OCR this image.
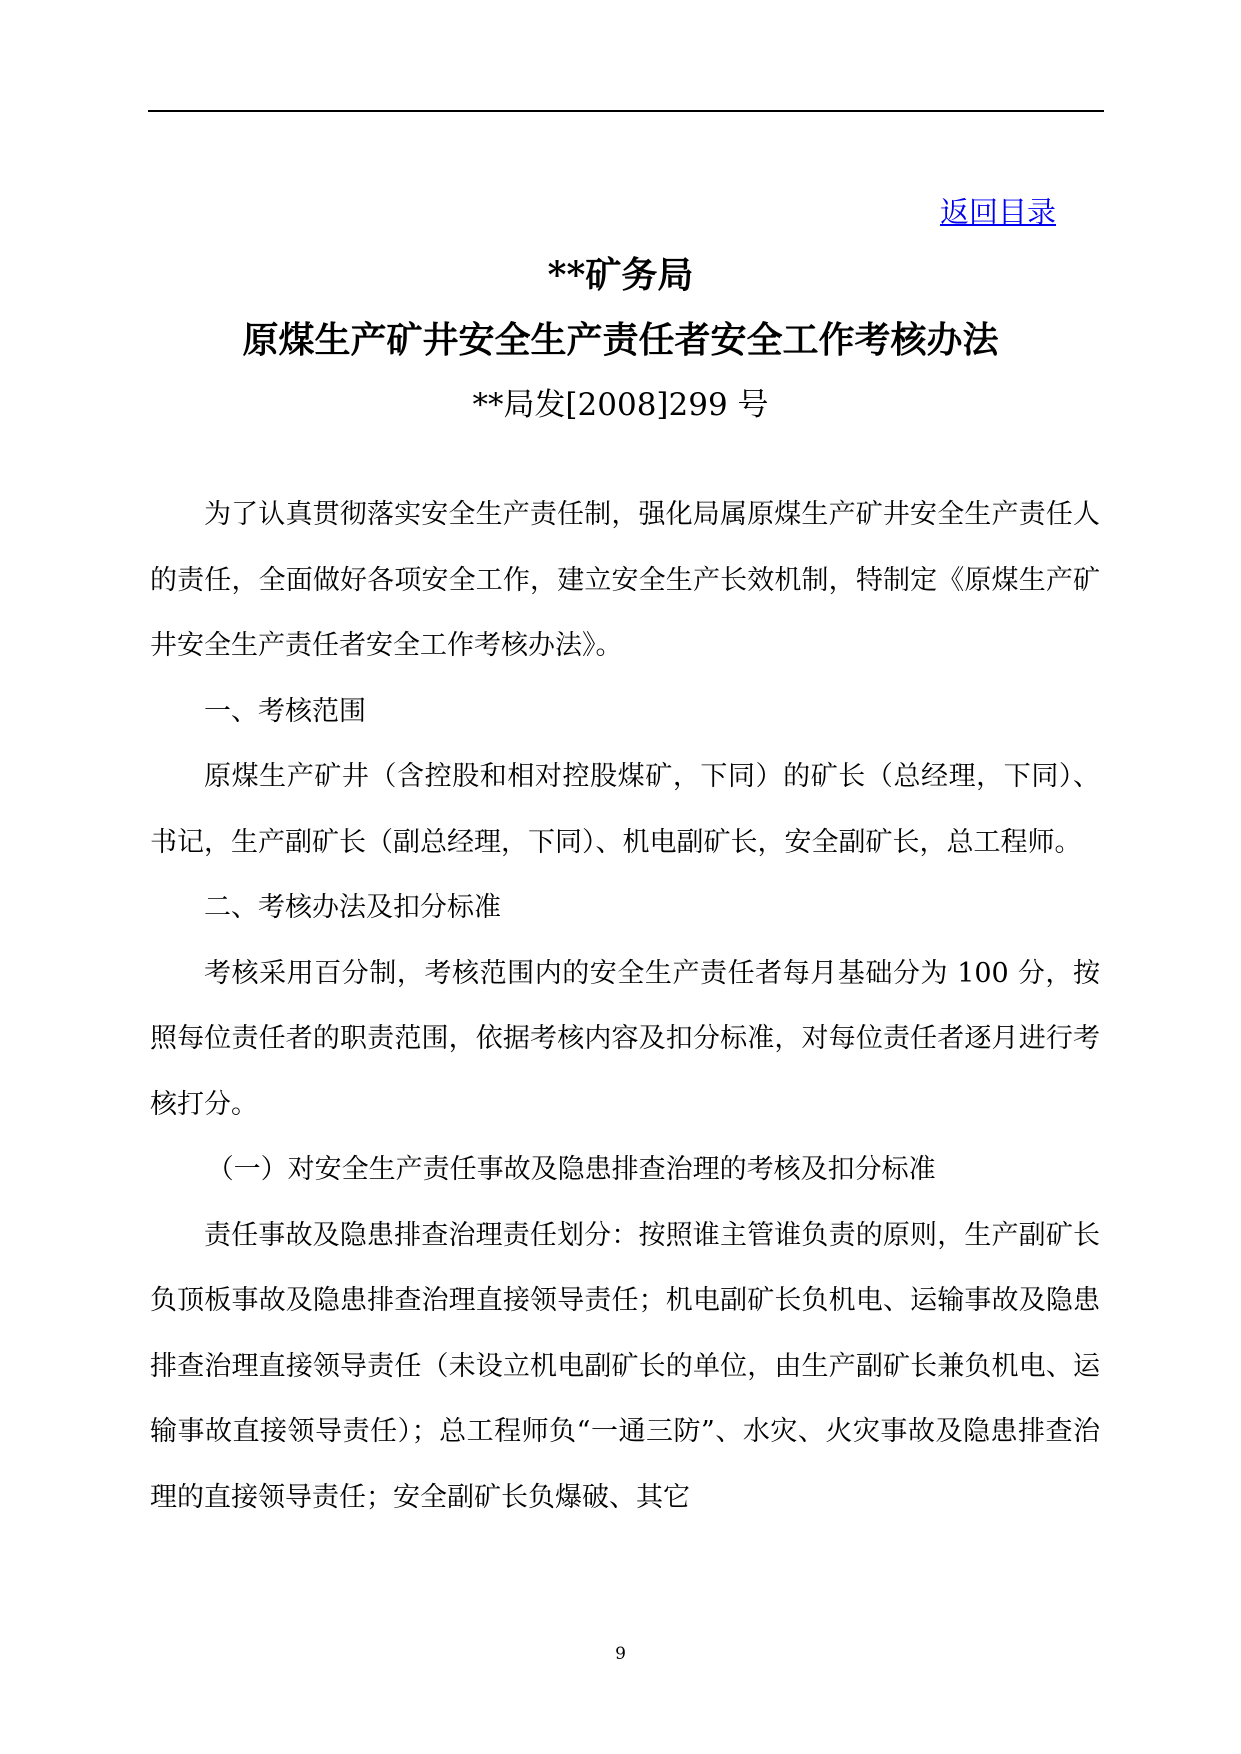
返回目录
**矿务局
原煤生产矿井安全生产责任者安全工作考核办法
**局发[2008]299 号

为了认真贯彻落实安全生产责任制，强化局属原煤生产矿井安全生产责任人的责任，全面做好各项安全工作，建立安全生产长效机制，特制定《原煤生产矿井安全生产责任者安全工作考核办法》。

一、考核范围

原煤生产矿井（含控股和相对控股煤矿，下同）的矿长（总经理，下同）、书记，生产副矿长（副总经理，下同）、机电副矿长，安全副矿长，总工程师。

二、考核办法及扣分标准

考核采用百分制，考核范围内的安全生产责任者每月基础分为 100 分，按照每位责任者的职责范围，依据考核内容及扣分标准，对每位责任者逐月进行考核打分。

（一）对安全生产责任事故及隐患排查治理的考核及扣分标准

责任事故及隐患排查治理责任划分：按照谁主管谁负责的原则，生产副矿长负顶板事故及隐患排查治理直接领导责任；机电副矿长负机电、运输事故及隐患排查治理直接领导责任（未设立机电副矿长的单位，由生产副矿长兼负机电、运输事故直接领导责任）；总工程师负“一通三防”、水灾、火灾事故及隐患排查治理的直接领导责任；安全副矿长负爆破、其它

9
